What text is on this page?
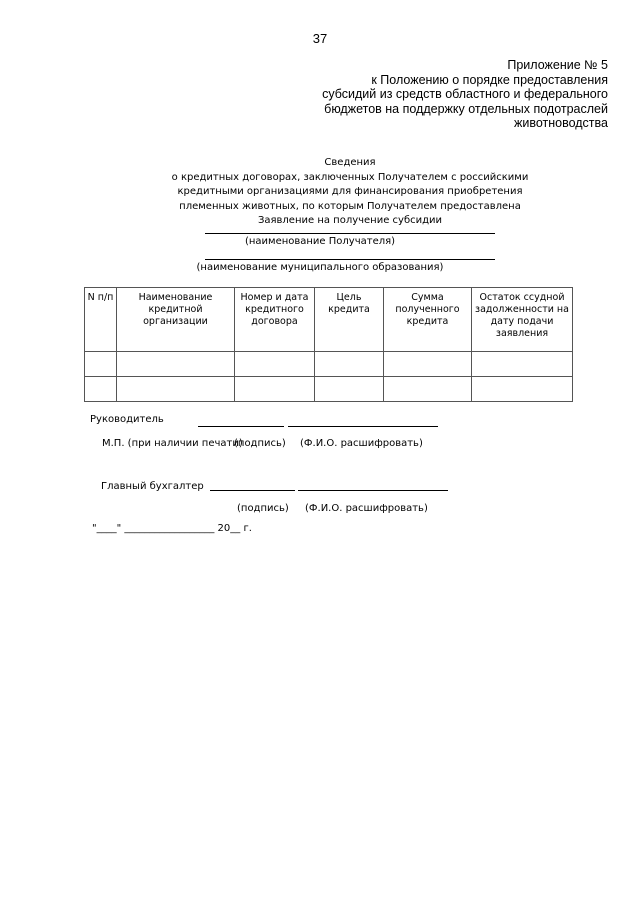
37
Приложение № 5
к Положению о порядке предоставления
субсидий из средств областного и федерального
бюджетов на поддержку отдельных подотраслей
животноводства
Сведения
о кредитных договорах, заключенных Получателем с российскими
кредитными организациями для финансирования приобретения
племенных животных, по которым Получателем предоставлена
Заявление на получение субсидии
(наименование Получателя)
(наименование муниципального образования)
N п/п	Наименование кредитной организации	Номер и дата кредитного договора	Цель кредита	Сумма полученного кредита	Остаток ссудной задолженности на дату подачи заявления

Руководитель
М.П. (при наличии печати)
(подпись) (Ф.И.О. расшифровать)
Главный бухгалтер
(подпись) (Ф.И.О. расшифровать)
"____" __________________ 20__ г.
